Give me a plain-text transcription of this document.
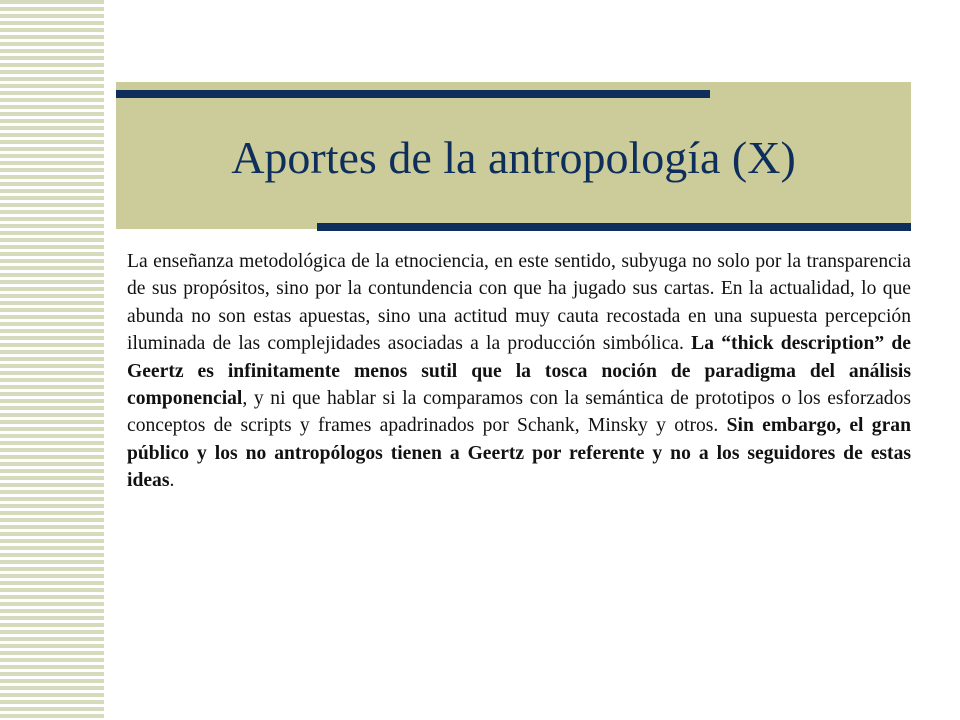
Aportes de la antropología (X)

La enseñanza metodológica de la etnociencia, en este sentido, subyuga no solo por la transparencia de sus propósitos, sino por la contundencia con que ha jugado sus cartas. En la actualidad, lo que abunda no son estas apuestas, sino una actitud muy cauta recostada en una supuesta percepción iluminada de las complejidades asociadas a la producción simbólica. La “thick description” de Geertz es infinitamente menos sutil que la tosca noción de paradigma del análisis componencial, y ni que hablar si la comparamos con la semántica de prototipos o los esforzados conceptos de scripts y frames apadrinados por Schank, Minsky y otros. Sin embargo, el gran público y los no antropólogos tienen a Geertz por referente y no a los seguidores de estas ideas.
